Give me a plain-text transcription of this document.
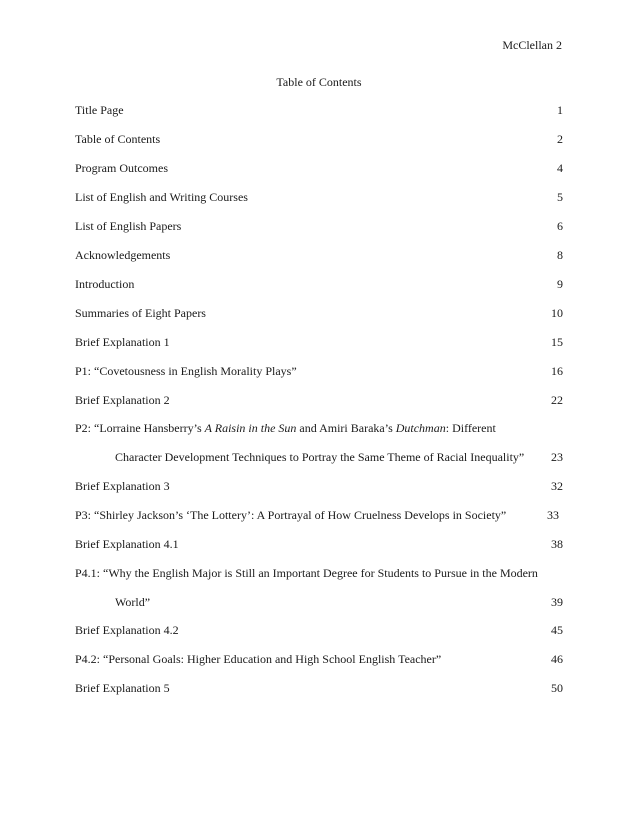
McClellan 2
Table of Contents
Title Page	1
Table of Contents	2
Program Outcomes	4
List of English and Writing Courses	5
List of English Papers	6
Acknowledgements	8
Introduction	9
Summaries of Eight Papers	10
Brief Explanation 1	15
P1: “Covetousness in English Morality Plays”	16
Brief Explanation 2	22
P2: “Lorraine Hansberry’s A Raisin in the Sun and Amiri Baraka’s Dutchman: Different
Character Development Techniques to Portray the Same Theme of Racial Inequality” 23
Brief Explanation 3	32
P3: “Shirley Jackson’s ‘The Lottery’: A Portrayal of How Cruelness Develops in Society”	33
Brief Explanation 4.1	38
P4.1: “Why the English Major is Still an Important Degree for Students to Pursue in the Modern
World”	39
Brief Explanation 4.2	45
P4.2: “Personal Goals: Higher Education and High School English Teacher”	46
Brief Explanation 5	50
